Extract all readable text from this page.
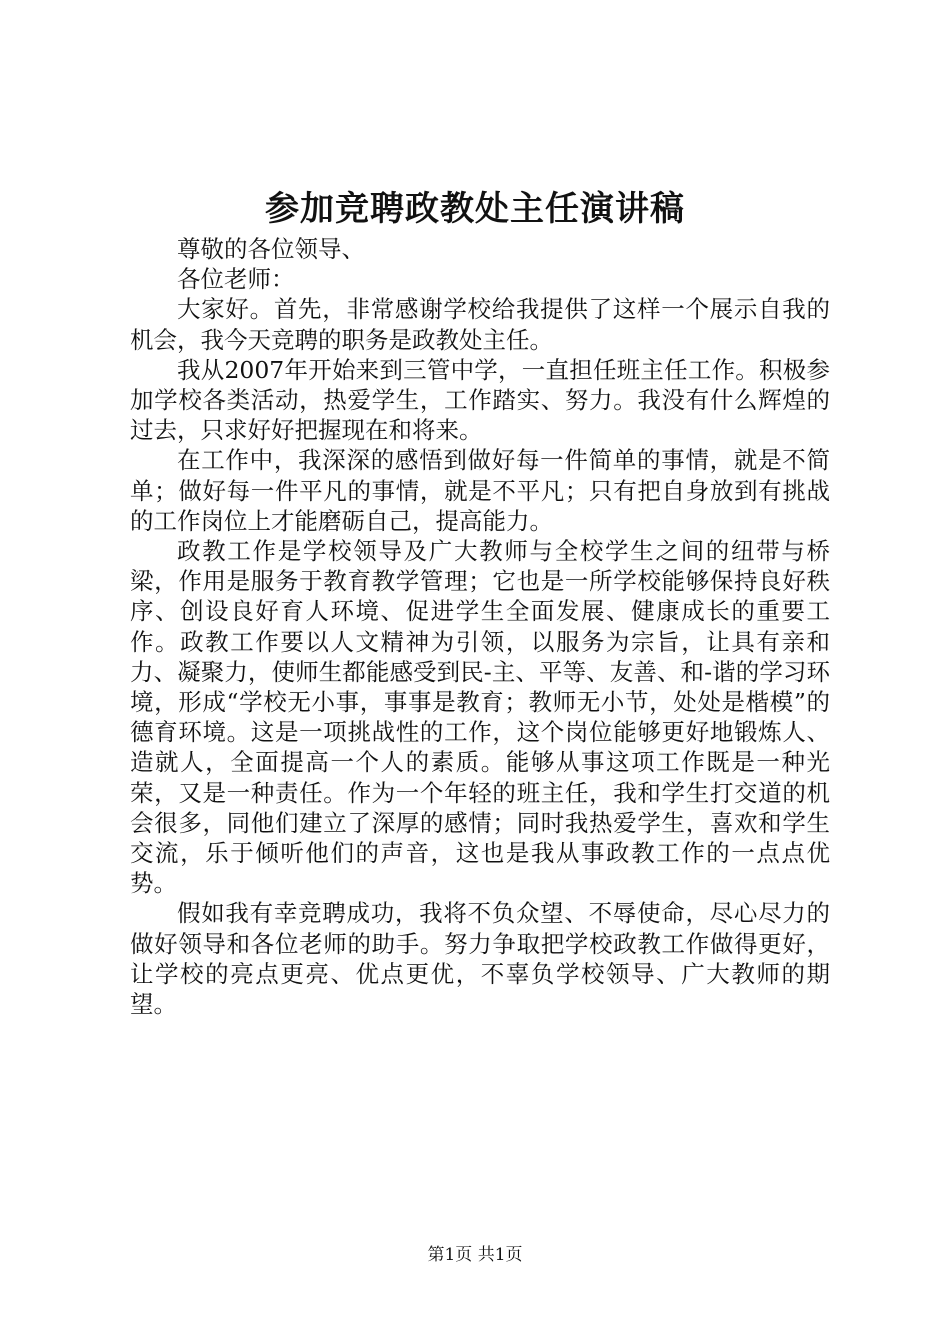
参加竞聘政教处主任演讲稿

尊敬的各位领导、

各位老师：

大家好。首先，非常感谢学校给我提供了这样一个展示自我的机会，我今天竞聘的职务是政教处主任。

我从2007年开始来到三管中学，一直担任班主任工作。积极参加学校各类活动，热爱学生，工作踏实、努力。我没有什么辉煌的过去，只求好好把握现在和将来。

在工作中，我深深的感悟到做好每一件简单的事情，就是不简单；做好每一件平凡的事情，就是不平凡；只有把自身放到有挑战的工作岗位上才能磨砺自己，提高能力。

政教工作是学校领导及广大教师与全校学生之间的纽带与桥梁，作用是服务于教育教学管理；它也是一所学校能够保持良好秩序、创设良好育人环境、促进学生全面发展、健康成长的重要工作。政教工作要以人文精神为引领，以服务为宗旨，让具有亲和力、凝聚力，使师生都能感受到民-主、平等、友善、和-谐的学习环境，形成“学校无小事，事事是教育；教师无小节，处处是楷模”的德育环境。这是一项挑战性的工作，这个岗位能够更好地锻炼人、造就人，全面提高一个人的素质。能够从事这项工作既是一种光荣，又是一种责任。作为一个年轻的班主任，我和学生打交道的机会很多，同他们建立了深厚的感情；同时我热爱学生，喜欢和学生交流，乐于倾听他们的声音，这也是我从事政教工作的一点点优势。

假如我有幸竞聘成功，我将不负众望、不辱使命，尽心尽力的做好领导和各位老师的助手。努力争取把学校政教工作做得更好，让学校的亮点更亮、优点更优，不辜负学校领导、广大教师的期望。

第1页 共1页
